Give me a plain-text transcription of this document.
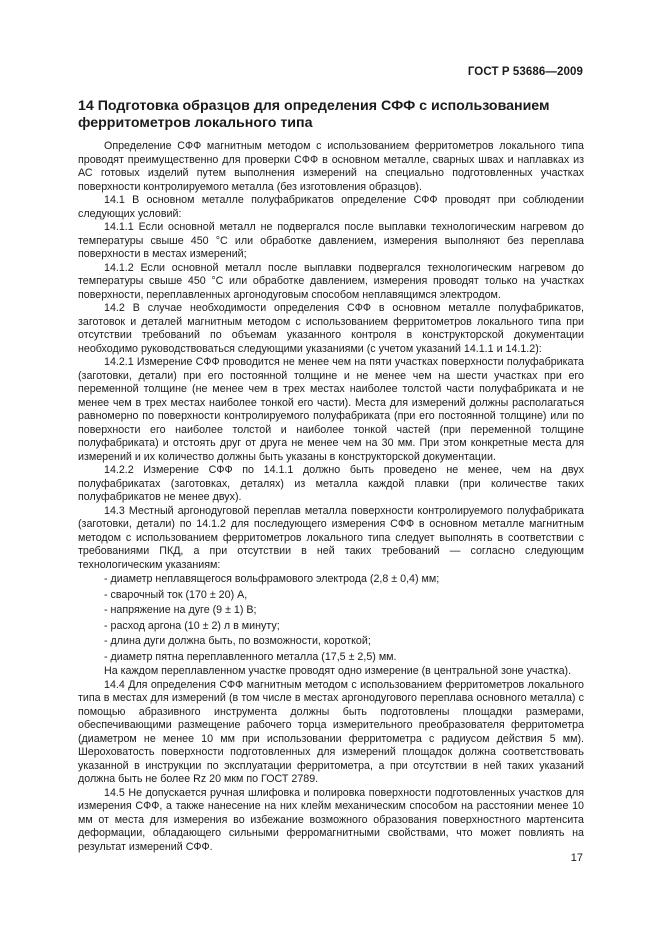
ГОСТ Р 53686—2009
14 Подготовка образцов для определения СФФ с использованием ферритометров локального типа

Определение СФФ магнитным методом с использованием ферритометров локального типа проводят преимущественно для проверки СФФ в основном металле, сварных швах и наплавках из АС готовых изделий путем выполнения измерений на специально подготовленных участках поверхности контролируемого металла (без изготовления образцов).

14.1 В основном металле полуфабрикатов определение СФФ проводят при соблюдении следующих условий:

14.1.1 Если основной металл не подвергался после выплавки технологическим нагревом до температуры свыше 450 °С или обработке давлением, измерения выполняют без переплава поверхности в местах измерений;

14.1.2 Если основной металл после выплавки подвергался технологическим нагревом до температуры свыше 450 °С или обработке давлением, измерения проводят только на участках поверхности, переплавленных аргонодуговым способом неплавящимся электродом.

14.2 В случае необходимости определения СФФ в основном металле полуфабрикатов, заготовок и деталей магнитным методом с использованием ферритометров локального типа при отсутствии требований по объемам указанного контроля в конструкторской документации необходимо руководствоваться следующими указаниями (с учетом указаний 14.1.1 и 14.1.2):

14.2.1 Измерение СФФ проводится не менее чем на пяти участках поверхности полуфабриката (заготовки, детали) при его постоянной толщине и не менее чем на шести участках при его переменной толщине (не менее чем в трех местах наиболее толстой части полуфабриката и не менее чем в трех местах наиболее тонкой его части). Места для измерений должны располагаться равномерно по поверхности контролируемого полуфабриката (при его постоянной толщине) или по поверхности его наиболее толстой и наиболее тонкой частей (при переменной толщине полуфабриката) и отстоять друг от друга не менее чем на 30 мм. При этом конкретные места для измерений и их количество должны быть указаны в конструкторской документации.

14.2.2 Измерение СФФ по 14.1.1 должно быть проведено не менее, чем на двух полуфабрикатах (заготовках, деталях) из металла каждой плавки (при количестве таких полуфабрикатов не менее двух).

14.3 Местный аргонодуговой переплав металла поверхности контролируемого полуфабриката (заготовки, детали) по 14.1.2 для последующего измерения СФФ в основном металле магнитным методом с использованием ферритометров локального типа следует выполнять в соответствии с требованиями ПКД, а при отсутствии в ней таких требований — согласно следующим технологическим указаниям:

- диаметр неплавящегося вольфрамового электрода (2,8 ± 0,4) мм;
- сварочный ток (170 ± 20) А,
- напряжение на дуге (9 ± 1) В;
- расход аргона (10 ± 2) л в минуту;
- длина дуги должна быть, по возможности, короткой;
- диаметр пятна переплавленного металла (17,5 ± 2,5) мм.

На каждом переплавленном участке проводят одно измерение (в центральной зоне участка).

14.4 Для определения СФФ магнитным методом с использованием ферритометров локального типа в местах для измерений (в том числе в местах аргонодугового переплава основного металла) с помощью абразивного инструмента должны быть подготовлены площадки размерами, обеспечивающими размещение рабочего торца измерительного преобразователя ферритометра (диаметром не менее 10 мм при использовании ферритометра с радиусом действия 5 мм). Шероховатость поверхности подготовленных для измерений площадок должна соответствовать указанной в инструкции по эксплуатации ферритометра, а при отсутствии в ней таких указаний должна быть не более Rz 20 мкм по ГОСТ 2789.

14.5 Не допускается ручная шлифовка и полировка поверхности подготовленных участков для измерения СФФ, а также нанесение на них клейм механическим способом на расстоянии менее 10 мм от места для измерения во избежание возможного образования поверхностного мартенсита деформации, обладающего сильными ферромагнитными свойствами, что может повлиять на результат измерений СФФ.

17
